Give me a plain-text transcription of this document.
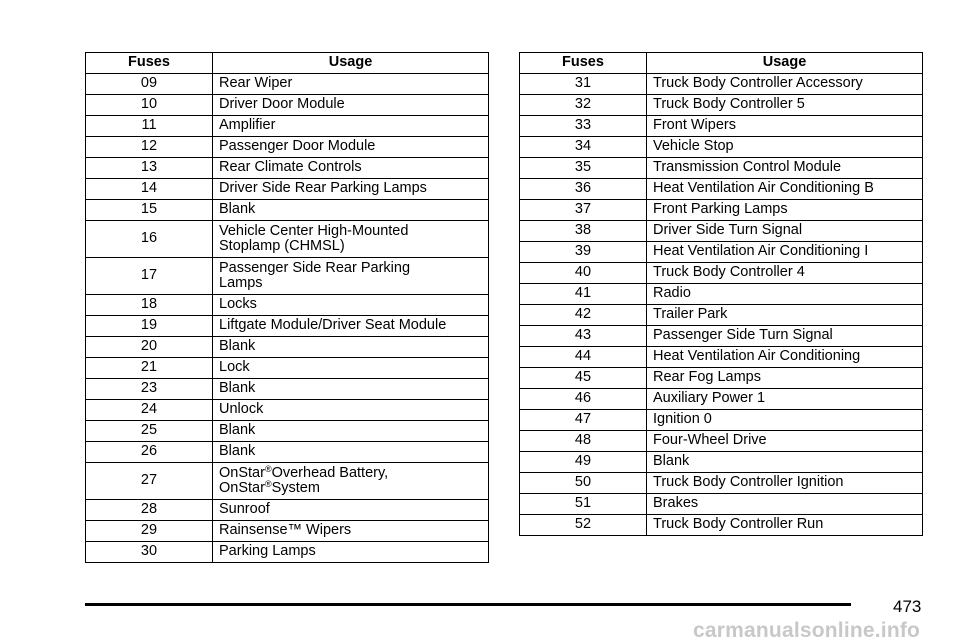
Fuses	Usage
09	Rear Wiper
10	Driver Door Module
11	Amplifier
12	Passenger Door Module
13	Rear Climate Controls
14	Driver Side Rear Parking Lamps
15	Blank
16	Vehicle Center High-Mounted
Stoplamp (CHMSL)

17	Passenger Side Rear Parking
Lamps

18	Locks
19	Liftgate Module/Driver Seat Module
20	Blank
21	Lock
23	Blank
24	Unlock
25	Blank
26	Blank
27	OnStar®Overhead Battery,
OnStar®System

28	Sunroof
29	Rainsense™ Wipers
30	Parking Lamps
Fuses	Usage
31	Truck Body Controller Accessory
32	Truck Body Controller 5
33	Front Wipers
34	Vehicle Stop
35	Transmission Control Module
36	Heat Ventilation Air Conditioning B
37	Front Parking Lamps
38	Driver Side Turn Signal
39	Heat Ventilation Air Conditioning I
40	Truck Body Controller 4
41	Radio
42	Trailer Park
43	Passenger Side Turn Signal
44	Heat Ventilation Air Conditioning
45	Rear Fog Lamps
46	Auxiliary Power 1
47	Ignition 0
48	Four-Wheel Drive
49	Blank
50	Truck Body Controller Ignition
51	Brakes
52	Truck Body Controller Run
473
carmanualsonline.info
